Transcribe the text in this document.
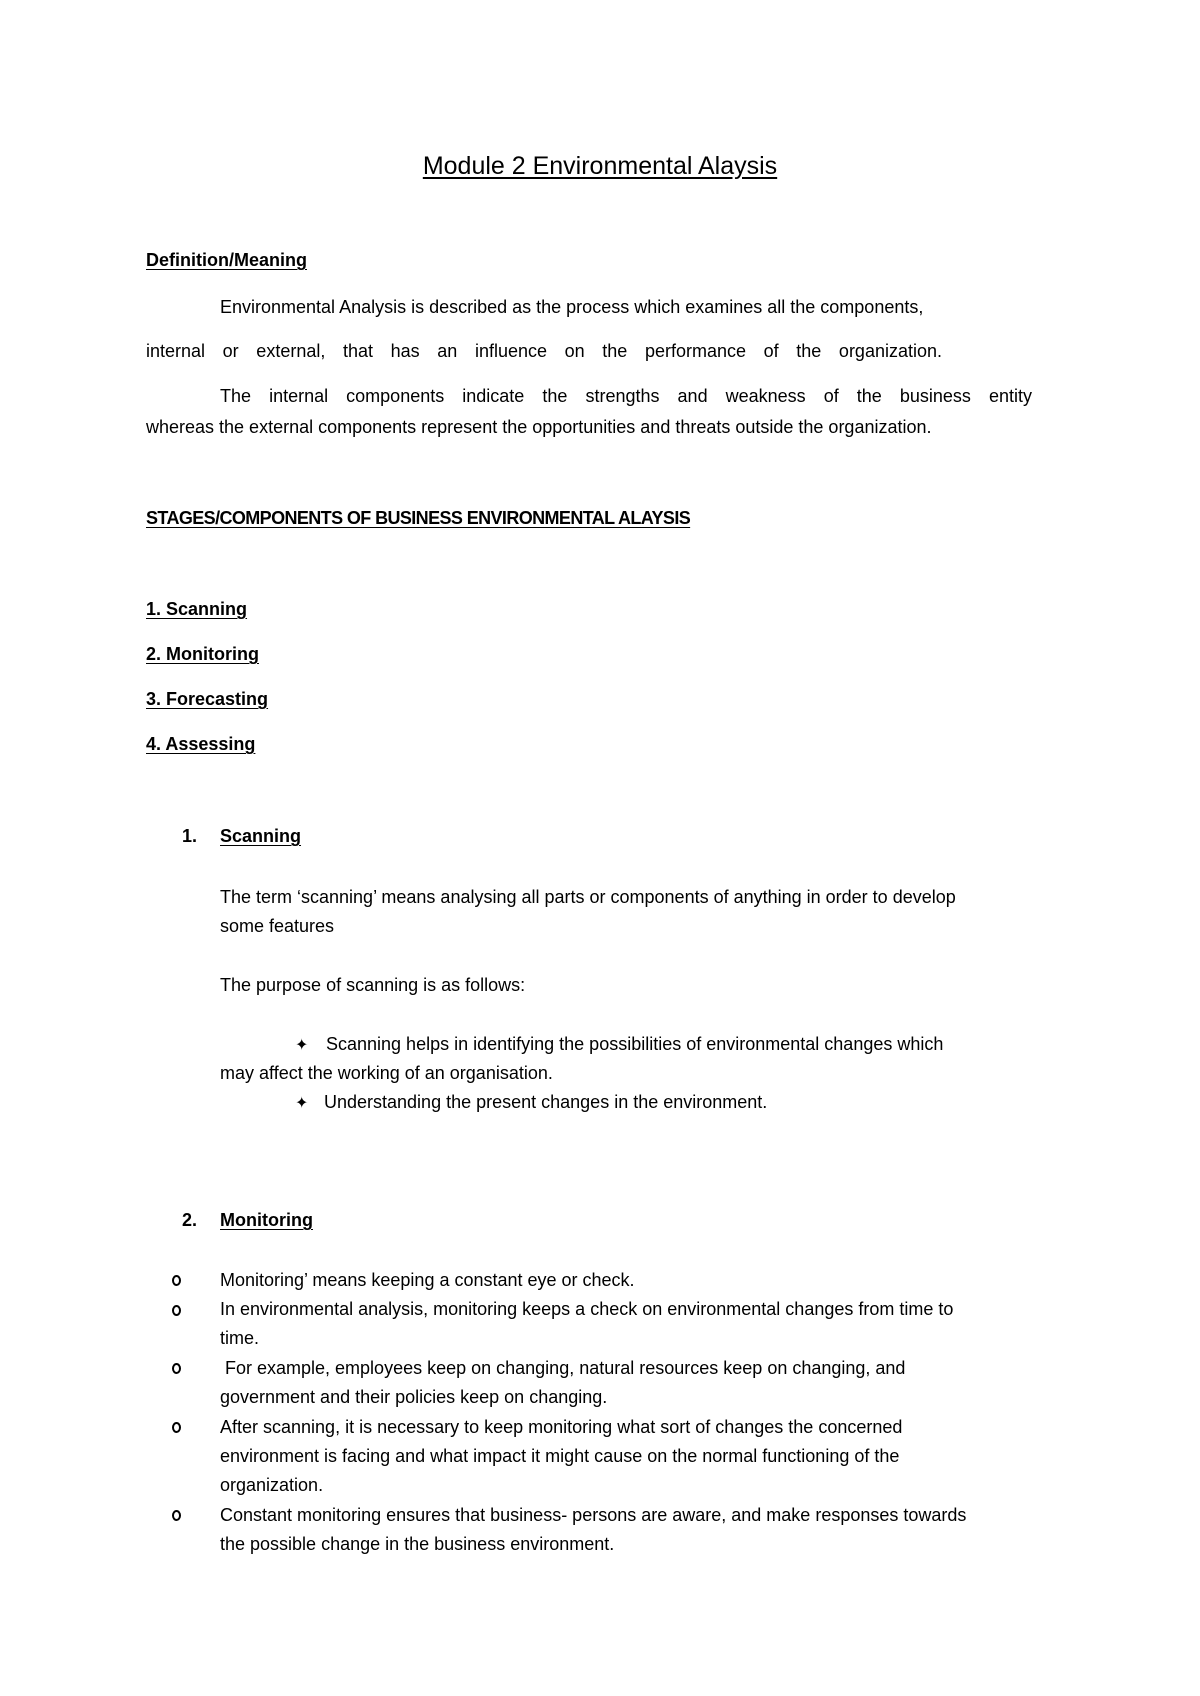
Module 2 Environmental Alaysis
Definition/Meaning
Environmental Analysis is described as the process which examines all the components,
internal or external, that has an influence on the performance of the organization.
The internal components indicate the strengths and weakness of the business entity
whereas the external components represent the opportunities and threats outside the organization.
STAGES/COMPONENTS OF BUSINESS ENVIRONMENTAL ALAYSIS
1. Scanning
2. Monitoring
3. Forecasting
4. Assessing
1. Scanning
The term ‘scanning’ means analysing all parts or components of anything in order to develop
some features
The purpose of scanning is as follows:
✦ Scanning helps in identifying the possibilities of environmental changes which
may affect the working of an organisation.
✦ Understanding the present changes in the environment.
2. Monitoring
Monitoring’ means keeping a constant eye or check.
In environmental analysis, monitoring keeps a check on environmental changes from time to
time.
For example, employees keep on changing, natural resources keep on changing, and
government and their policies keep on changing.
After scanning, it is necessary to keep monitoring what sort of changes the concerned
environment is facing and what impact it might cause on the normal functioning of the
organization.
Constant monitoring ensures that business- persons are aware, and make responses towards
the possible change in the business environment.
